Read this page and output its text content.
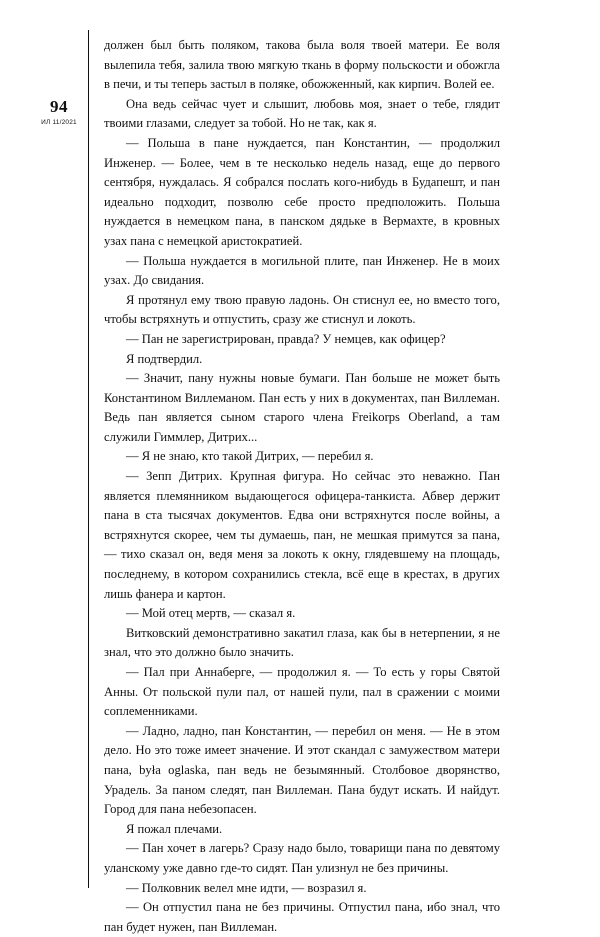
94
ИЛ 11/2021

должен был быть поляком, такова была воля твоей матери. Ее воля вылепила тебя, залила твою мягкую ткань в форму польскости и обожгла в печи, и ты теперь застыл в поляке, обожженный, как кирпич. Волей ее.

Она ведь сейчас чует и слышит, любовь моя, знает о тебе, глядит твоими глазами, следует за тобой. Но не так, как я.

— Польша в пане нуждается, пан Константин, — продолжил Инженер. — Более, чем в те несколько недель назад, еще до первого сентября, нуждалась. Я собрался послать кого-нибудь в Будапешт, и пан идеально подходит, позволю себе просто предположить. Польша нуждается в немецком пана, в панском дядьке в Вермахте, в кровных узах пана с немецкой аристократией.

— Польша нуждается в могильной плите, пан Инженер. Не в моих узах. До свидания.

Я протянул ему твою правую ладонь. Он стиснул ее, но вместо того, чтобы встряхнуть и отпустить, сразу же стиснул и локоть.

— Пан не зарегистрирован, правда? У немцев, как офицер?

Я подтвердил.

— Значит, пану нужны новые бумаги. Пан больше не может быть Константином Виллеманом. Пан есть у них в документах, пан Виллеман. Ведь пан является сыном старого члена Freikorps Oberland, а там служили Гиммлер, Дитрих...

— Я не знаю, кто такой Дитрих, — перебил я.

— Зепп Дитрих. Крупная фигура. Но сейчас это неважно. Пан является племянником выдающегося офицера-танкиста. Абвер держит пана в ста тысячах документов. Едва они встряхнутся после войны, а встряхнутся скорее, чем ты думаешь, пан, не мешкая примутся за пана, — тихо сказал он, ведя меня за локоть к окну, глядевшему на площадь, последнему, в котором сохранились стекла, всё еще в крестах, в других лишь фанера и картон.

— Мой отец мертв, — сказал я.

Витковский демонстративно закатил глаза, как бы в нетерпении, я не знал, что это должно было значить.

— Пал при Аннаберге, — продолжил я. — То есть у горы Святой Анны. От польской пули пал, от нашей пули, пал в сражении с моими соплеменниками.

— Ладно, ладно, пан Константин, — перебил он меня. — Не в этом дело. Но это тоже имеет значение. И этот скандал с замужеством матери пана, była oglaska, пан ведь не безымянный. Столбовое дворянство, Урадель. За паном следят, пан Виллеман. Пана будут искать. И найдут. Город для пана небезопасен.

Я пожал плечами.

— Пан хочет в лагерь? Сразу надо было, товарищи пана по девятому уланскому уже давно где-то сидят. Пан улизнул не без причины.

— Полковник велел мне идти, — возразил я.

— Он отпустил пана не без причины. Отпустил пана, ибо знал, что пан будет нужен, пан Виллеман.
